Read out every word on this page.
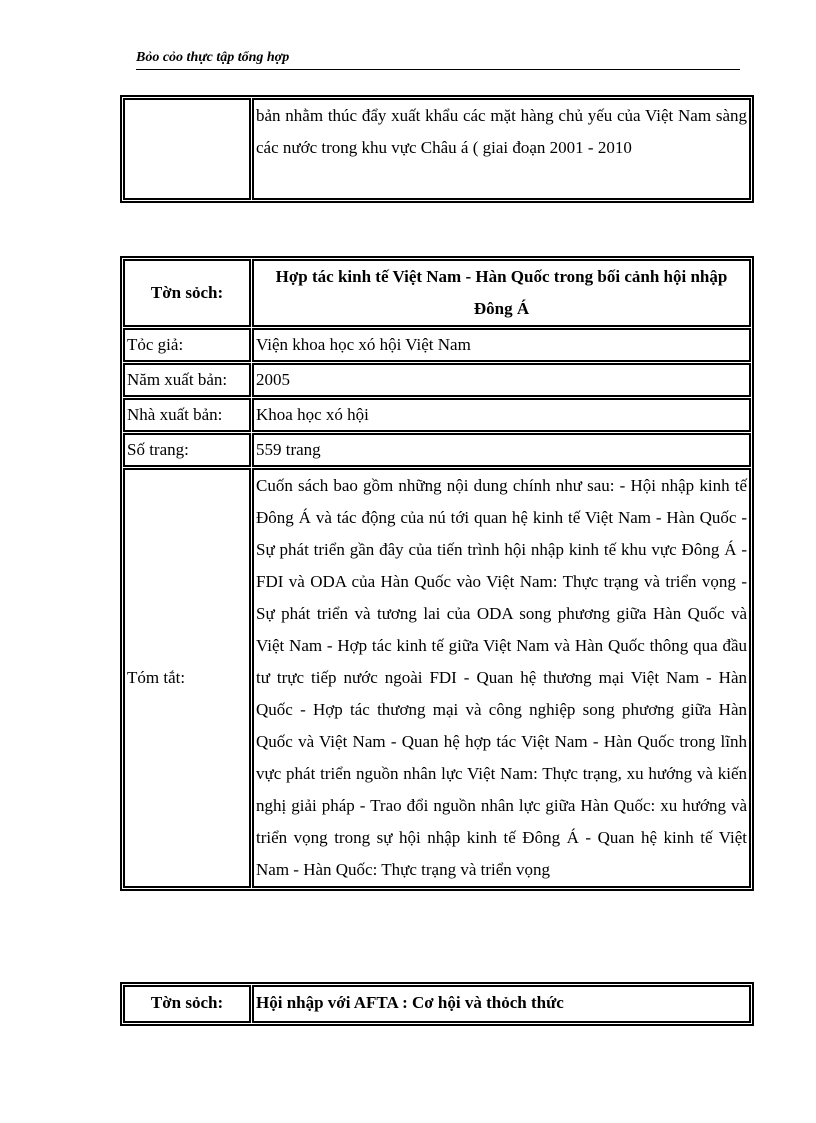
Bỏo cỏo thực tập tổng hợp
	bản nhằm thúc đẩy xuất khẩu các mặt hàng chủ yếu của Việt Nam sàng các nước trong khu vực Châu á ( giai đoạn 2001 - 2010
Tờn sỏch:	Hợp tác kinh tế Việt Nam - Hàn Quốc trong bối cảnh hội nhập Đông Á
Tỏc giả:	Viện khoa học xó hội Việt Nam
Năm xuất bản:	2005
Nhà xuất bản:	Khoa học xó hội
Số trang:	559 trang
Tóm tắt:	Cuốn sách bao gồm những nội dung chính như sau: - Hội nhập kinh tế Đông Á và tác động của nú tới quan hệ kinh tế Việt Nam - Hàn Quốc - Sự phát triển gần đây của tiến trình hội nhập kinh tế khu vực Đông Á - FDI và ODA của Hàn Quốc vào Việt Nam: Thực trạng và triển vọng - Sự phát triển và tương lai của ODA song phương giữa Hàn Quốc và Việt Nam - Hợp tác kinh tế giữa Việt Nam và Hàn Quốc thông qua đầu tư trực tiếp nước ngoài FDI - Quan hệ thương mại Việt Nam - Hàn Quốc - Hợp tác thương mại và công nghiệp song phương giữa Hàn Quốc và Việt Nam - Quan hệ hợp tác Việt Nam - Hàn Quốc trong lĩnh vực phát triển nguồn nhân lực Việt Nam: Thực trạng, xu hướng và kiến nghị giải pháp - Trao đổi nguồn nhân lực giữa Hàn Quốc: xu hướng và triển vọng trong sự hội nhập kinh tế Đông Á - Quan hệ kinh tế Việt Nam - Hàn Quốc: Thực trạng và triển vọng
Tờn sỏch:	Hội nhập với AFTA : Cơ hội và thỏch thức
